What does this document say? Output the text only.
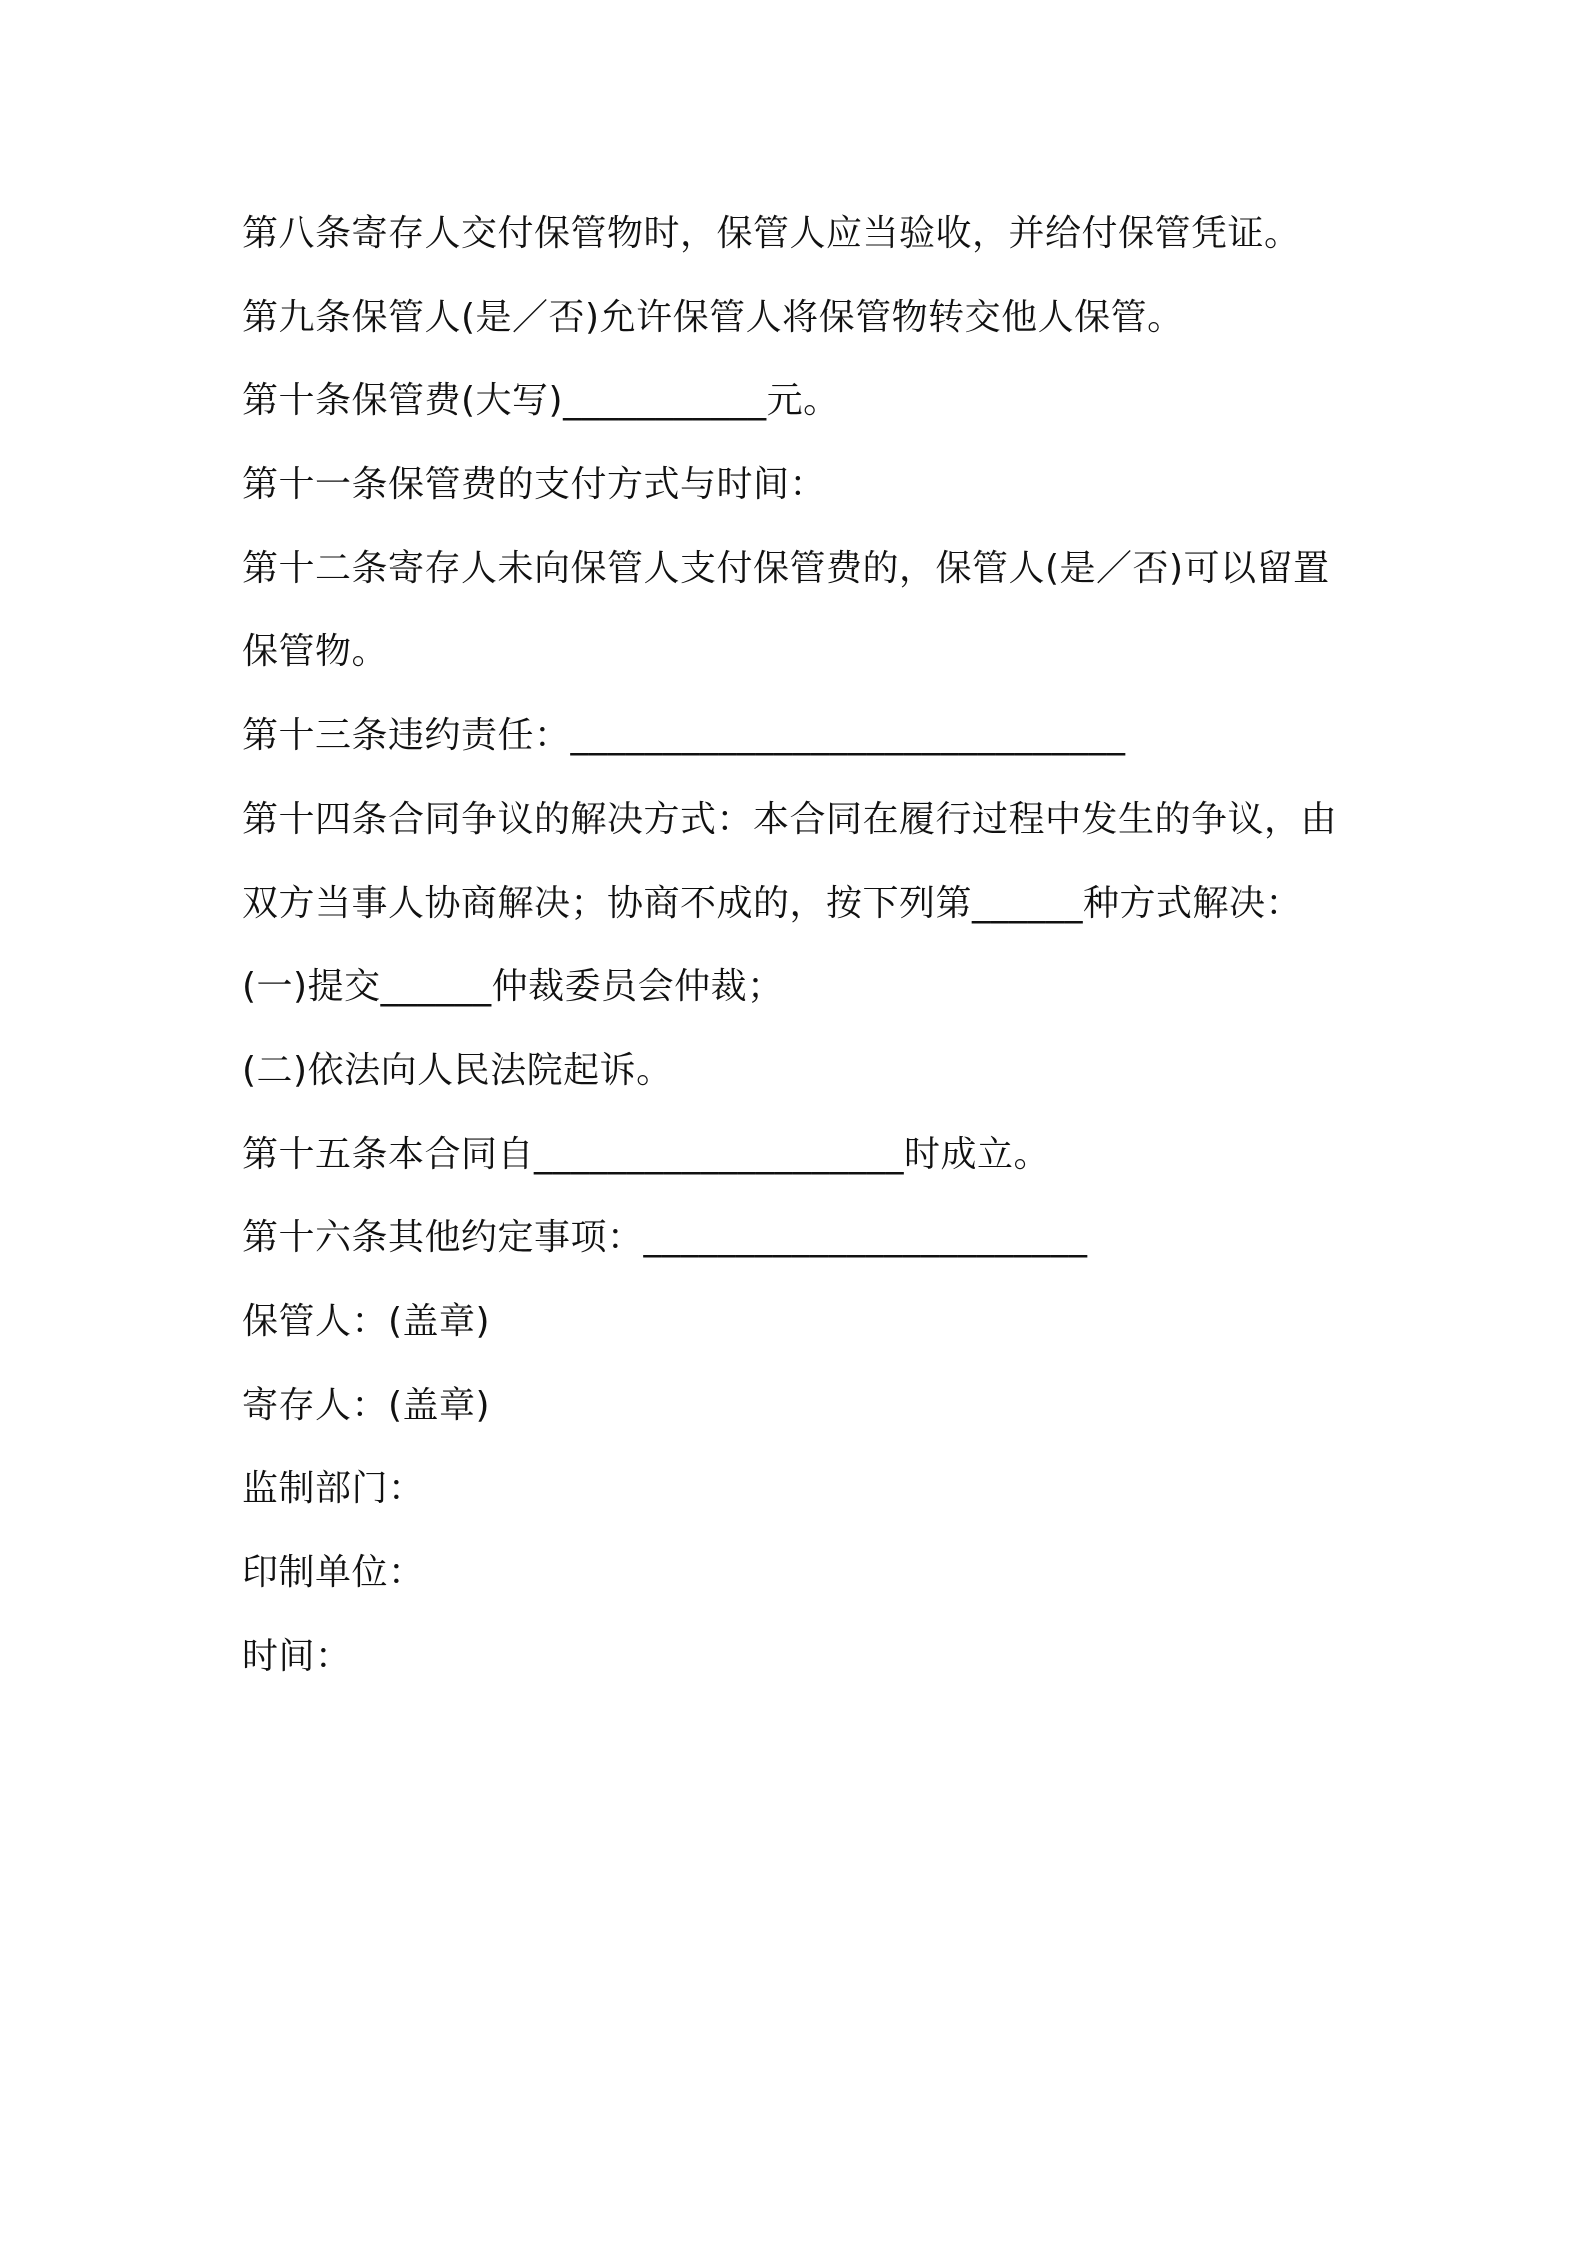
第八条寄存人交付保管物时，保管人应当验收，并给付保管凭证。

第九条保管人(是／否)允许保管人将保管物转交他人保管。

第十条保管费(大写)___________元。

第十一条保管费的支付方式与时间：

第十二条寄存人未向保管人支付保管费的，保管人(是／否)可以留置

保管物。

第十三条违约责任：______________________________

第十四条合同争议的解决方式：本合同在履行过程中发生的争议，由

双方当事人协商解决；协商不成的，按下列第______种方式解决：

(一)提交______仲裁委员会仲裁；

(二)依法向人民法院起诉。

第十五条本合同自____________________时成立。

第十六条其他约定事项：________________________

保管人：(盖章)

寄存人：(盖章)

监制部门：

印制单位：

时间：
